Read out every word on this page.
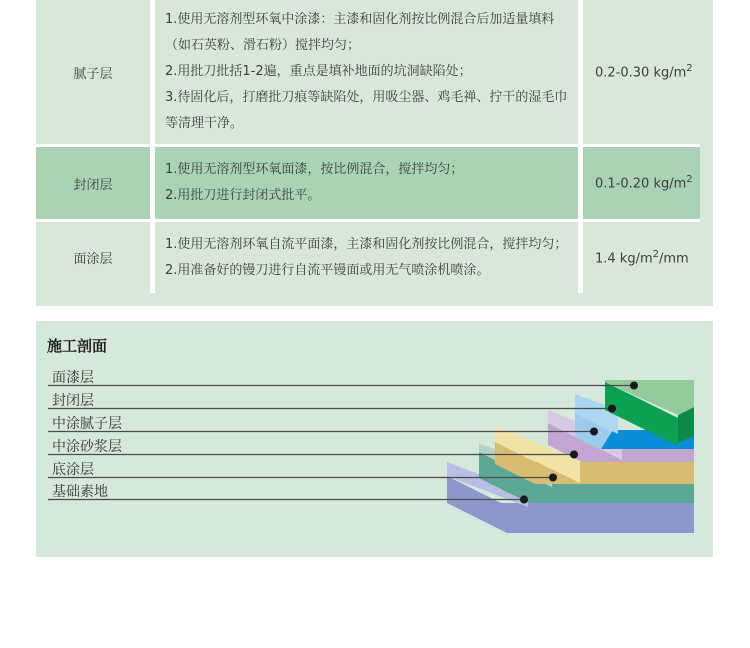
腻子层
1.使用无溶剂型环氧中涂漆：主漆和固化剂按比例混合后加适量填料（如石英粉、滑石粉）搅拌均匀；
2.用批刀批括1-2遍，重点是填补地面的坑洞缺陷处；
3.待固化后，打磨批刀痕等缺陷处，用吸尘器、鸡毛禅、拧干的湿毛巾等清理干净。
0.2-0.30 $kg/m^2$
封闭层
1.使用无溶剂型环氧面漆，按比例混合，搅拌均匀；
2.用批刀进行封闭式批平。
0.1-0.20 $kg/m^2$
面涂层
1.使用无溶剂环氧自流平面漆，主漆和固化剂按比例混合，搅拌均匀；
2.用准备好的镘刀进行自流平镘面或用无气喷涂机喷涂。
1.4 $kg/m^2/mm$
施工剖面
面漆层
封闭层
中涂腻子层
中涂砂浆层
底涂层
基础素地
